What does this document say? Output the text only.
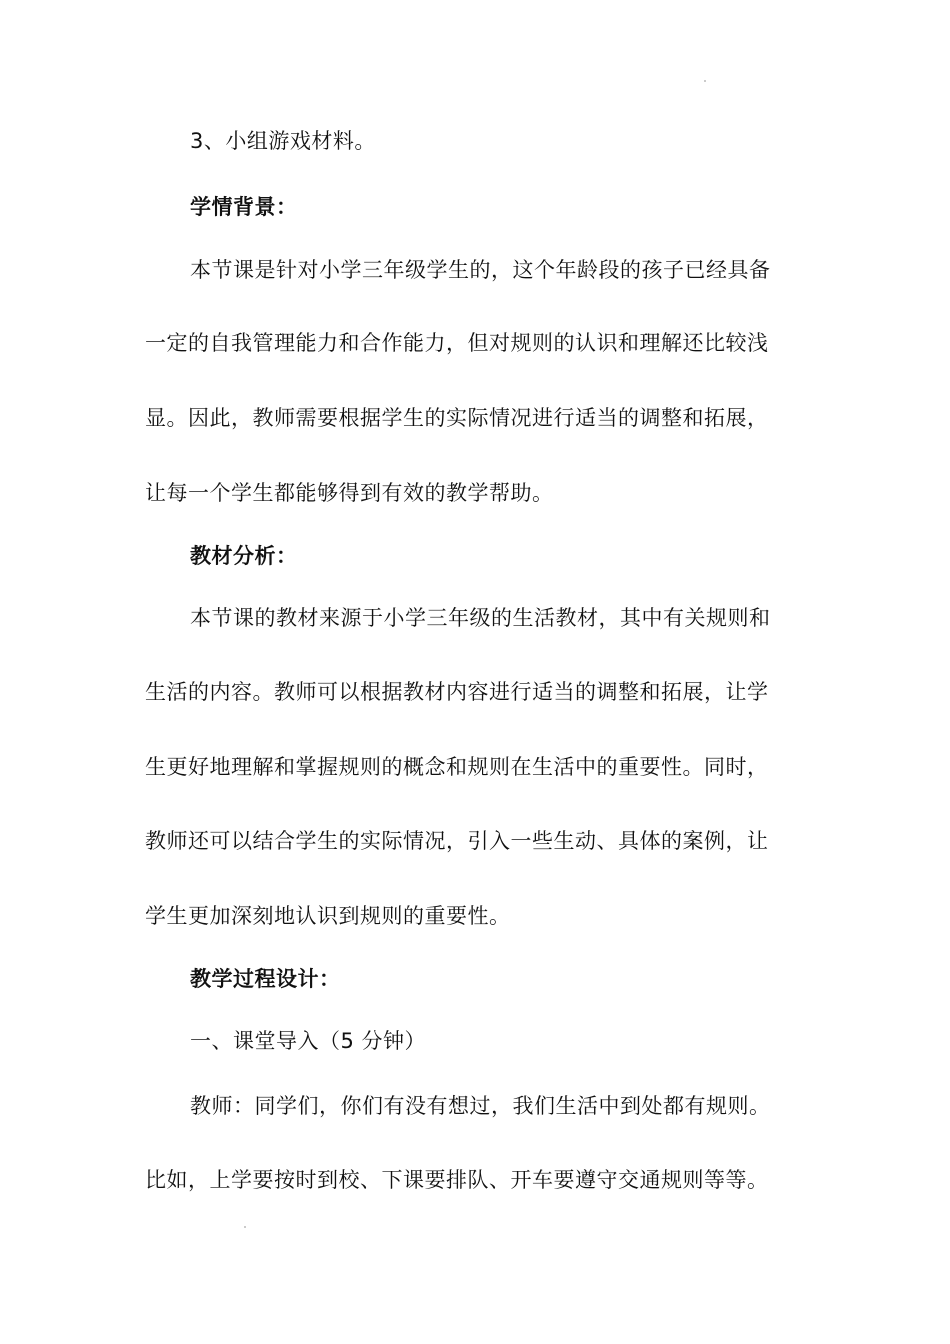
3、小组游戏材料。
学情背景：
本节课是针对小学三年级学生的，这个年龄段的孩子已经具备
一定的自我管理能力和合作能力，但对规则的认识和理解还比较浅
显。因此，教师需要根据学生的实际情况进行适当的调整和拓展，
让每一个学生都能够得到有效的教学帮助。
教材分析：
本节课的教材来源于小学三年级的生活教材，其中有关规则和
生活的内容。教师可以根据教材内容进行适当的调整和拓展，让学
生更好地理解和掌握规则的概念和规则在生活中的重要性。同时，
教师还可以结合学生的实际情况，引入一些生动、具体的案例，让
学生更加深刻地认识到规则的重要性。
教学过程设计：
一、课堂导入（5 分钟）
教师：同学们，你们有没有想过，我们生活中到处都有规则。
比如，上学要按时到校、下课要排队、开车要遵守交通规则等等。
